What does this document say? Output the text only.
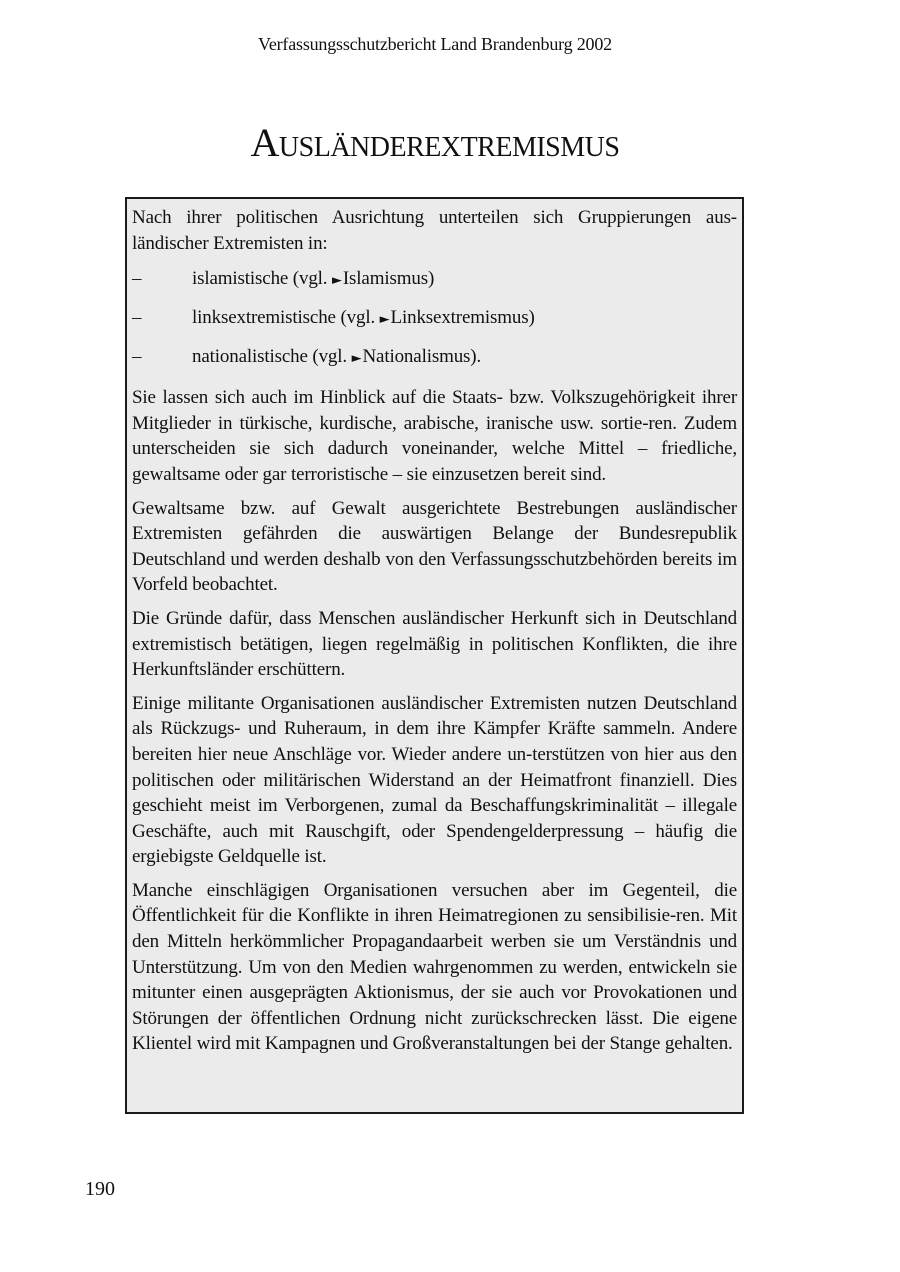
Verfassungsschutzbericht Land Brandenburg 2002
Ausländerextremismus

Nach ihrer politischen Ausrichtung unterteilen sich Gruppierungen aus-ländischer Extremisten in:

–	islamistische (vgl. ►Islamismus)
–	linksextremistische (vgl. ►Linksextremismus)
–	nationalistische (vgl. ►Nationalismus).

Sie lassen sich auch im Hinblick auf die Staats- bzw. Volkszugehörigkeit ihrer Mitglieder in türkische, kurdische, arabische, iranische usw. sortie-ren. Zudem unterscheiden sie sich dadurch voneinander, welche Mittel – friedliche, gewaltsame oder gar terroristische – sie einzusetzen bereit sind.

Gewaltsame bzw. auf Gewalt ausgerichtete Bestrebungen ausländischer Extremisten gefährden die auswärtigen Belange der Bundesrepublik Deutschland und werden deshalb von den Verfassungsschutzbehörden bereits im Vorfeld beobachtet.

Die Gründe dafür, dass Menschen ausländischer Herkunft sich in Deutschland extremistisch betätigen, liegen regelmäßig in politischen Konflikten, die ihre Herkunftsländer erschüttern.

Einige militante Organisationen ausländischer Extremisten nutzen Deutschland als Rückzugs- und Ruheraum, in dem ihre Kämpfer Kräfte sammeln. Andere bereiten hier neue Anschläge vor. Wieder andere un-terstützen von hier aus den politischen oder militärischen Widerstand an der Heimatfront finanziell. Dies geschieht meist im Verborgenen, zumal da Beschaffungskriminalität – illegale Geschäfte, auch mit Rauschgift, oder Spendengelderpressung – häufig die ergiebigste Geldquelle ist.

Manche einschlägigen Organisationen versuchen aber im Gegenteil, die Öffentlichkeit für die Konflikte in ihren Heimatregionen zu sensibilisie-ren. Mit den Mitteln herkömmlicher Propagandaarbeit werben sie um Verständnis und Unterstützung. Um von den Medien wahrgenommen zu werden, entwickeln sie mitunter einen ausgeprägten Aktionismus, der sie auch vor Provokationen und Störungen der öffentlichen Ordnung nicht zurückschrecken lässt. Die eigene Klientel wird mit Kampagnen und Großveranstaltungen bei der Stange gehalten.

190
